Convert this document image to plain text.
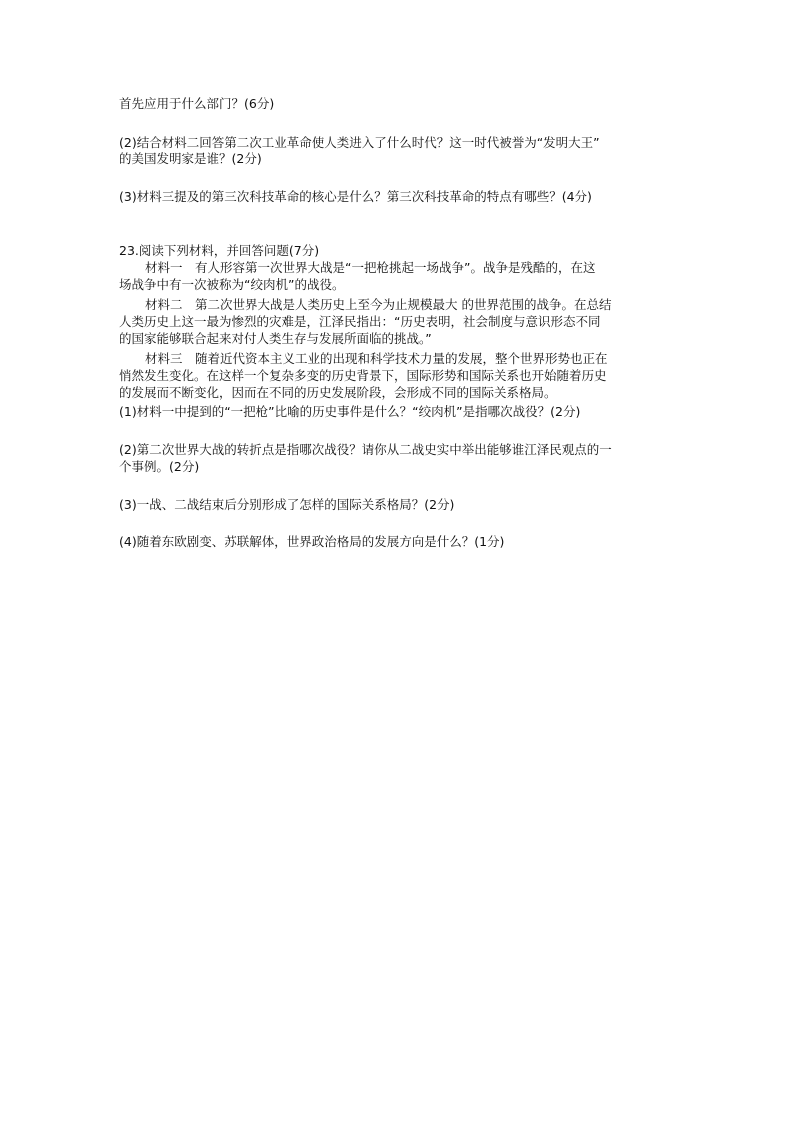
首先应用于什么部门？(6分)
(2)结合材料二回答第二次工业革命使人类进入了什么时代？这一时代被誉为“发明大王”
的美国发明家是谁？(2分)
(3)材料三提及的第三次科技革命的核心是什么？第三次科技革命的特点有哪些？(4分)
23.阅读下列材料，并回答问题(7分)
材料一　有人形容第一次世界大战是“一把枪挑起一场战争”。战争是残酷的，在这
场战争中有一次被称为“绞肉机”的战役。
材料二　第二次世界大战是人类历史上至今为止规模最大 的世界范围的战争。在总结
人类历史上这一最为惨烈的灾难是，江泽民指出：“历史表明，社会制度与意识形态不同
的国家能够联合起来对付人类生存与发展所面临的挑战。”
材料三　随着近代资本主义工业的出现和科学技术力量的发展，整个世界形势也正在
悄然发生变化。在这样一个复杂多变的历史背景下，国际形势和国际关系也开始随着历史
的发展而不断变化，因而在不同的历史发展阶段，会形成不同的国际关系格局。
(1)材料一中提到的“一把枪”比喻的历史事件是什么？“绞肉机”是指哪次战役？(2分)
(2)第二次世界大战的转折点是指哪次战役？请你从二战史实中举出能够谁江泽民观点的一
个事例。(2分)
(3)一战、二战结束后分别形成了怎样的国际关系格局？(2分)
(4)随着东欧剧变、苏联解体，世界政治格局的发展方向是什么？(1分)
